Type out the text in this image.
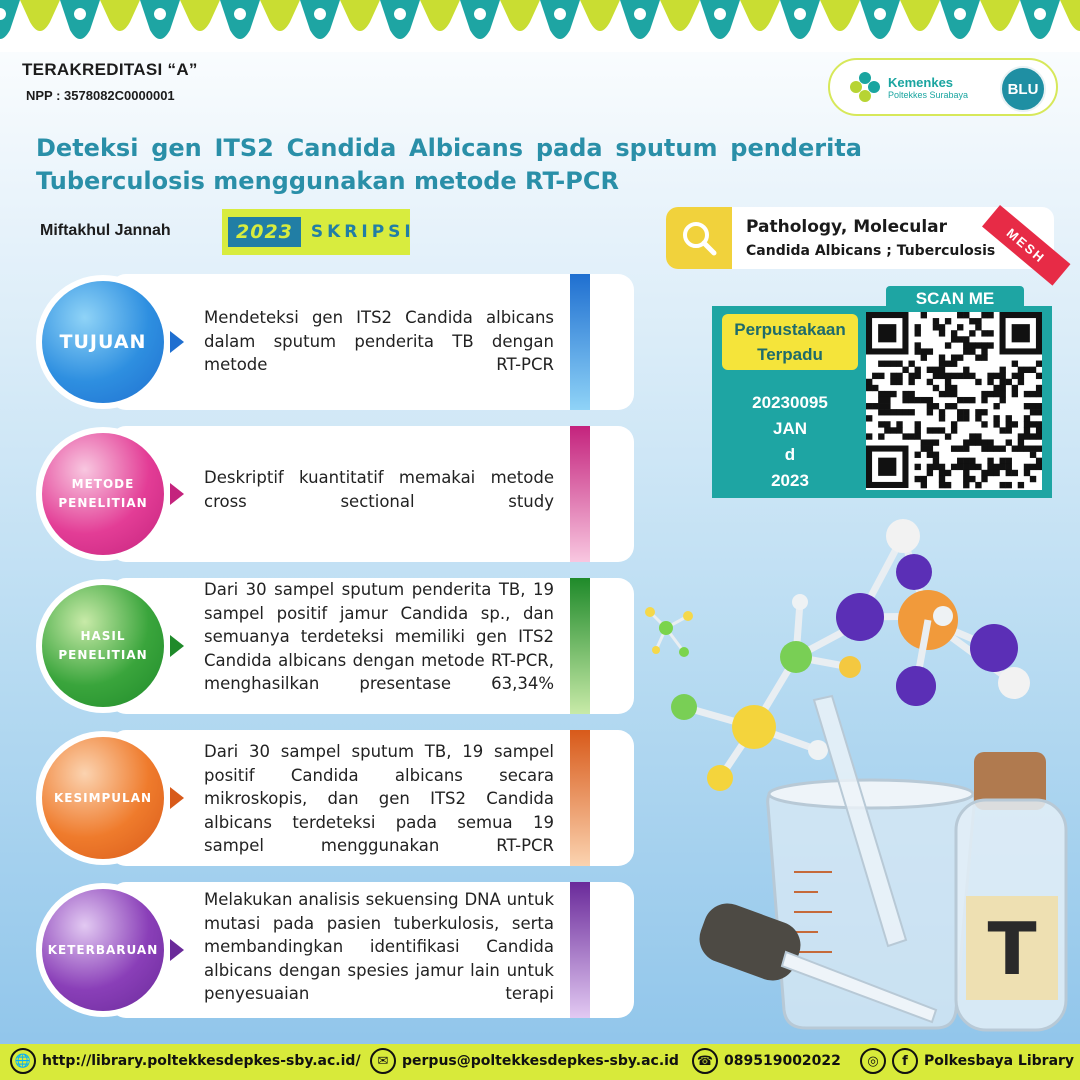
TERAKREDITASI “A”
NPP : 3578082C0000001
Kemenkes
Poltekkes Surabaya	BLU
Deteksi gen ITS2 Candida Albicans pada sputum penderita Tuberculosis menggunakan metode RT-PCR
Miftakhul Jannah	2023	SKRIPSI	Pathology, Molecular
Candida Albicans ; Tuberculosis MESH
SCAN ME
Perpustakaan Terpadu
20230095
JAN
d
2023
Mendeteksi gen ITS2 Candida albicans dalam sputum penderita TB dengan metode RT-PCR
TUJUAN
Deskriptif kuantitatif memakai metode cross sectional study
METODE PENELITIAN
Dari 30 sampel sputum penderita TB, 19 sampel positif jamur Candida sp., dan semuanya terdeteksi memiliki gen ITS2 Candida albicans dengan metode RT-PCR, menghasilkan presentase 63,34%
HASIL PENELITIAN
Dari 30 sampel sputum TB, 19 sampel positif Candida albicans secara mikroskopis, dan gen ITS2 Candida albicans terdeteksi pada semua 19 sampel menggunakan RT-PCR
KESIMPULAN
Melakukan analisis sekuensing DNA untuk mutasi pada pasien tuberkulosis, serta membandingkan identifikasi Candida albicans dengan spesies jamur lain untuk penyesuaian terapi
KETERBARUAN	T
🌐 http://library.poltekkesdepkes-sby.ac.id/	✉ perpus@poltekkesdepkes-sby.ac.id	☎ 089519002022	◎	f	Polkesbaya Library
